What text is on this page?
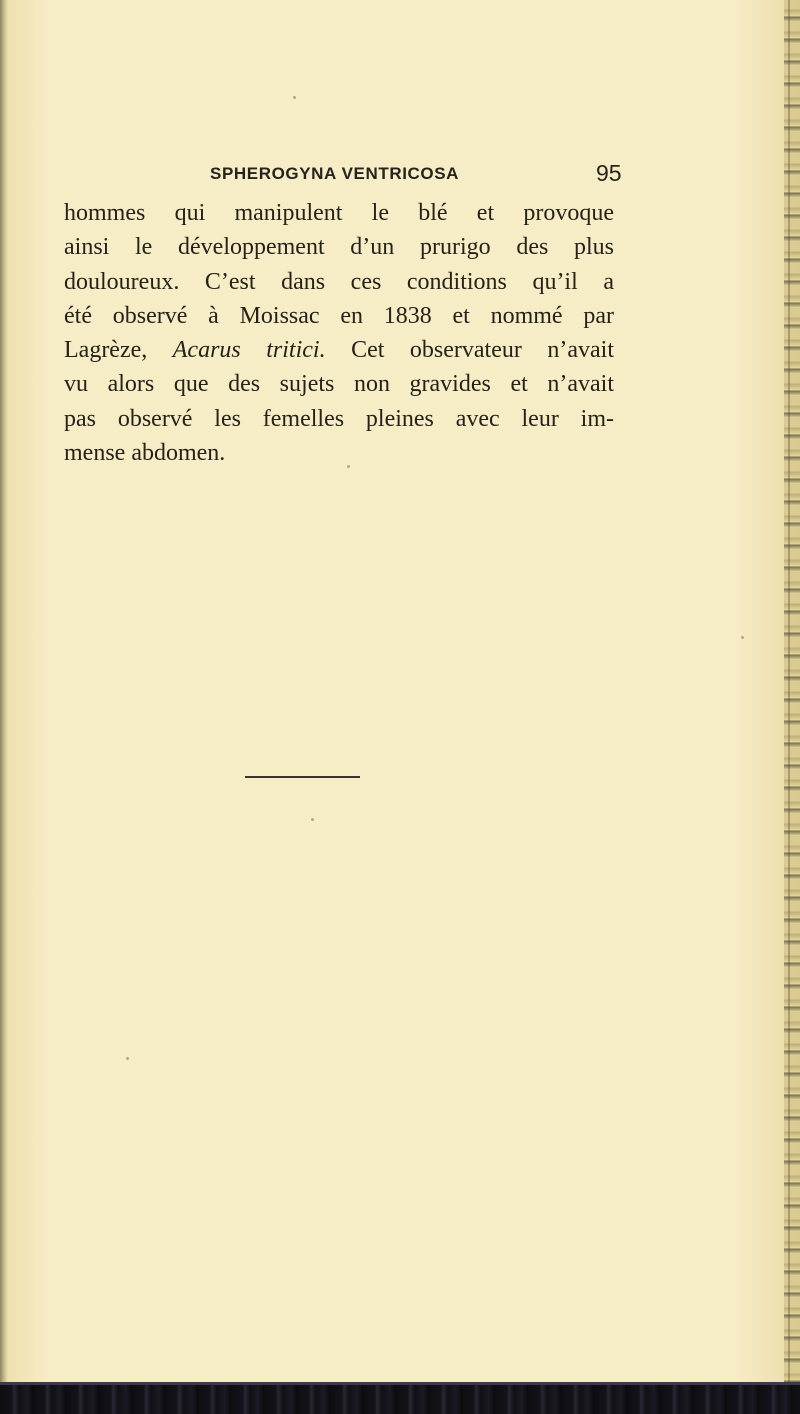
SPHEROGYNA VENTRICOSA	95
hommes qui manipulent le blé et provoque
ainsi le développement d’un prurigo des plus
douloureux. C’est dans ces conditions qu’il a
été observé à Moissac en 1838 et nommé par
Lagrèze, Acarus tritici. Cet observateur n’avait
vu alors que des sujets non gravides et n’avait
pas observé les femelles pleines avec leur im-
mense abdomen.
